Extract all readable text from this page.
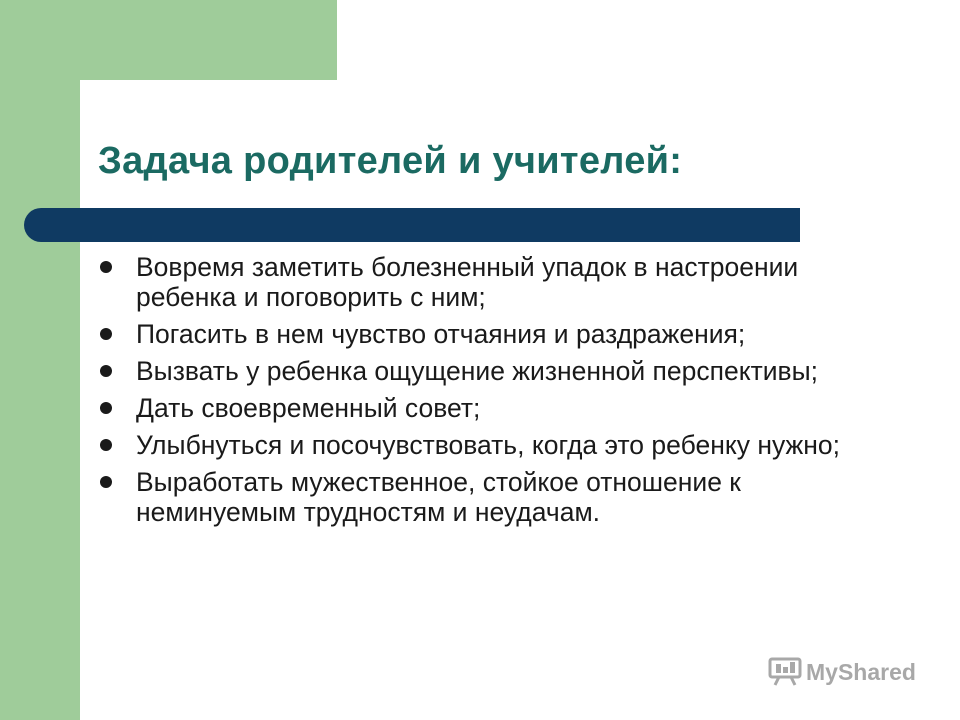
Задача родителей и учителей:
Вовремя заметить болезненный упадок в настроении ребенка и поговорить с ним;
Погасить в нем чувство отчаяния и раздражения;
Вызвать у ребенка ощущение жизненной перспективы;
Дать своевременный совет;
Улыбнуться и посочувствовать, когда это ребенку нужно;
Выработать мужественное, стойкое отношение к неминуемым трудностям и неудачам.
MyShared
